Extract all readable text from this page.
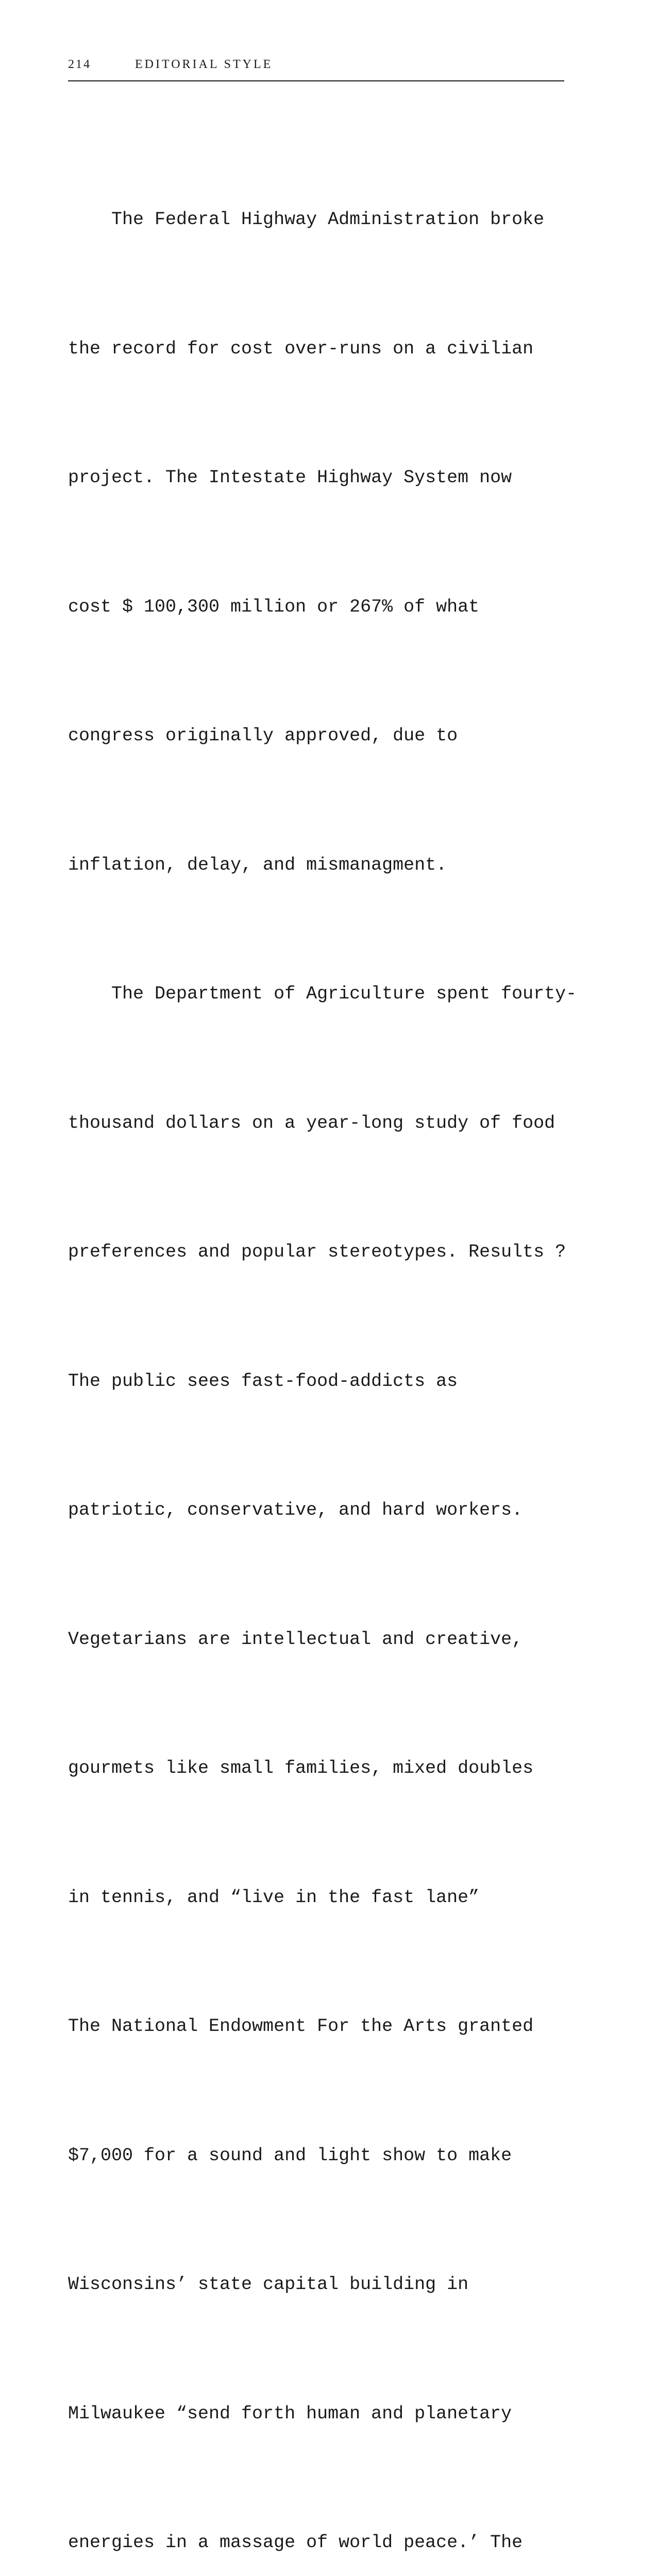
214	EDITORIAL STYLE

The Federal Highway Administration broke

the record for cost over-runs on a civilian

project. The Intestate Highway System now

cost $ 100,300 million or 267% of what

congress originally approved, due to

inflation, delay, and mismanagment.

The Department of Agriculture spent fourty-

thousand dollars on a year-long study of food

preferences and popular stereotypes. Results ?

The public sees fast-food-addicts as

patriotic, conservative, and hard workers.

Vegetarians are intellectual and creative,

gourmets like small families, mixed doubles

in tennis, and “live in the fast lane”

The National Endowment For the Arts granted

$7,000 for a sound and light show to make

Wisconsins’ state capital building in

Milwaukee “send forth human and planetary

energies in a massage of world peace.’ The
